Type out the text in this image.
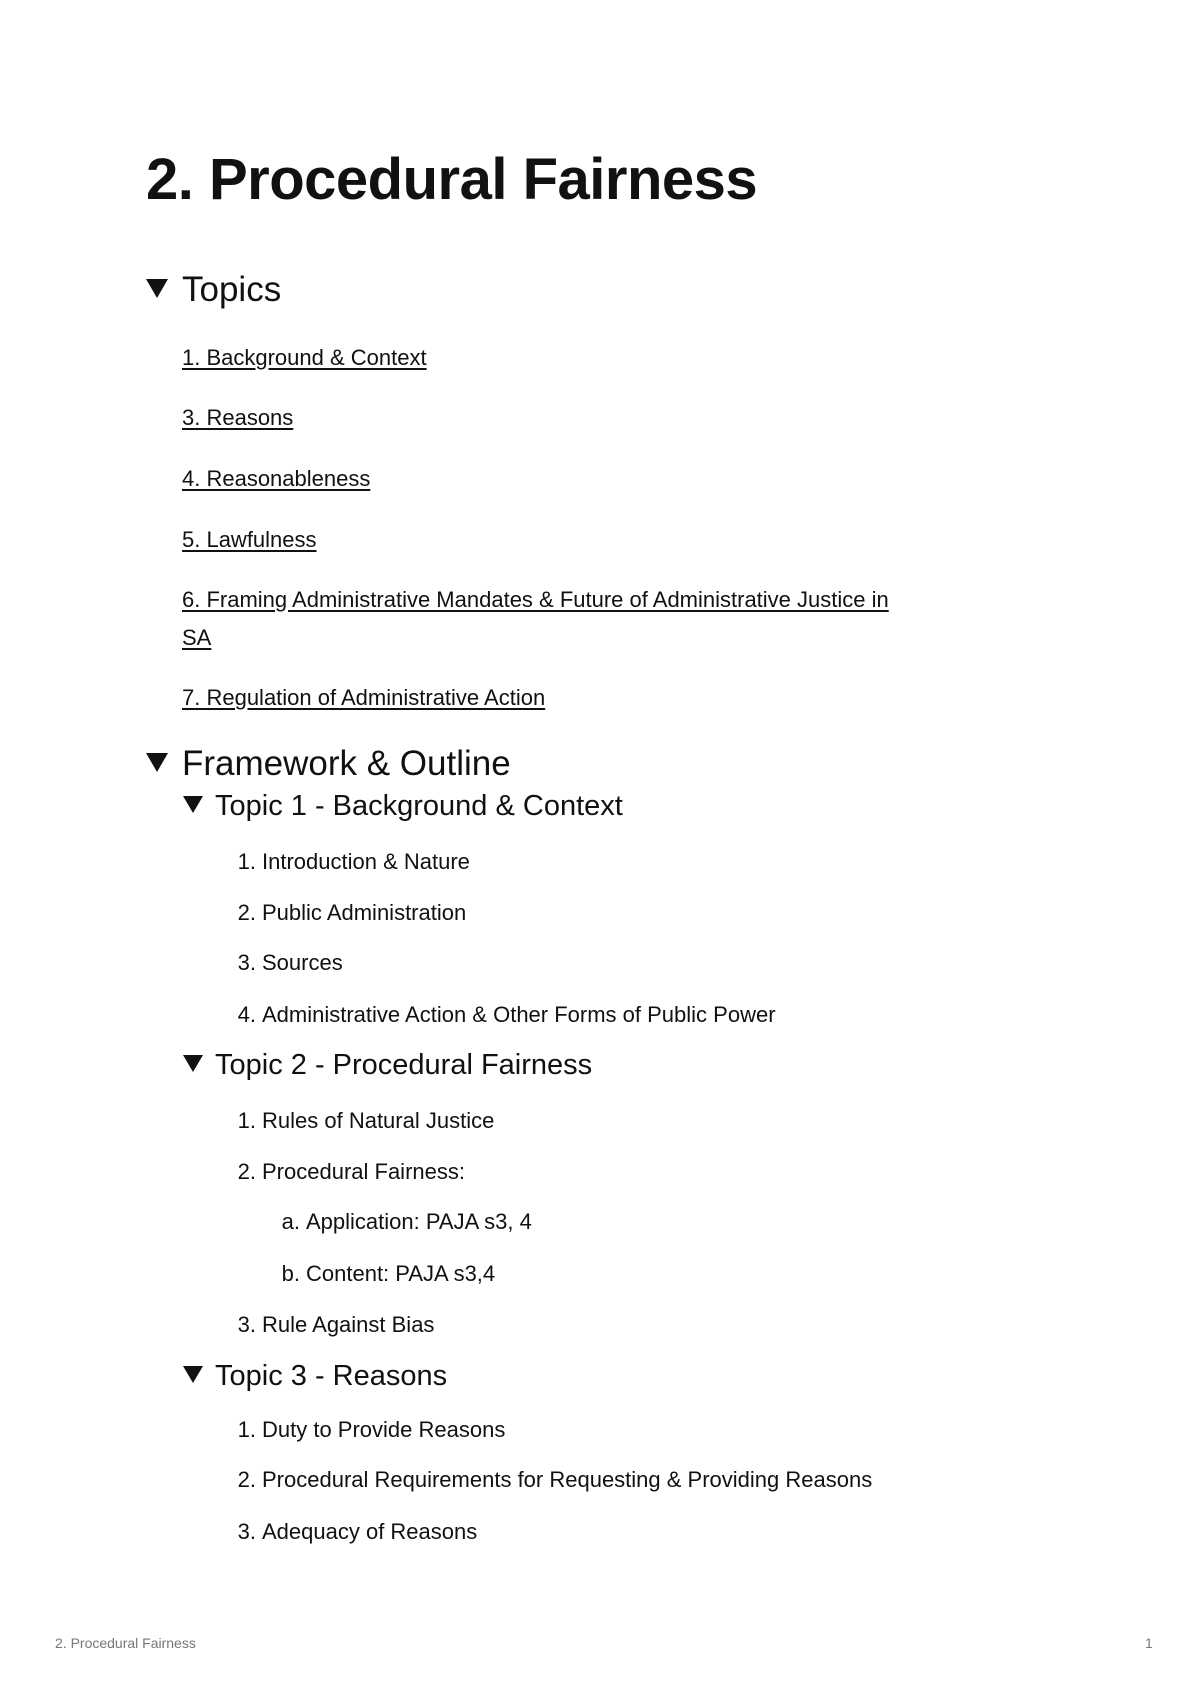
2. Procedural Fairness
Topics
1. Background & Context
3. Reasons
4. Reasonableness
5. Lawfulness
6. Framing Administrative Mandates & Future of Administrative Justice in
SA
7. Regulation of Administrative Action
Framework & Outline
Topic 1 - Background & Context
1. Introduction & Nature
2. Public Administration
3. Sources
4. Administrative Action & Other Forms of Public Power
Topic 2 - Procedural Fairness
1. Rules of Natural Justice
2. Procedural Fairness:
a. Application: PAJA s3, 4
b. Content: PAJA s3,4
3. Rule Against Bias
Topic 3 - Reasons
1. Duty to Provide Reasons
2. Procedural Requirements for Requesting & Providing Reasons
3. Adequacy of Reasons
2. Procedural Fairness	1
